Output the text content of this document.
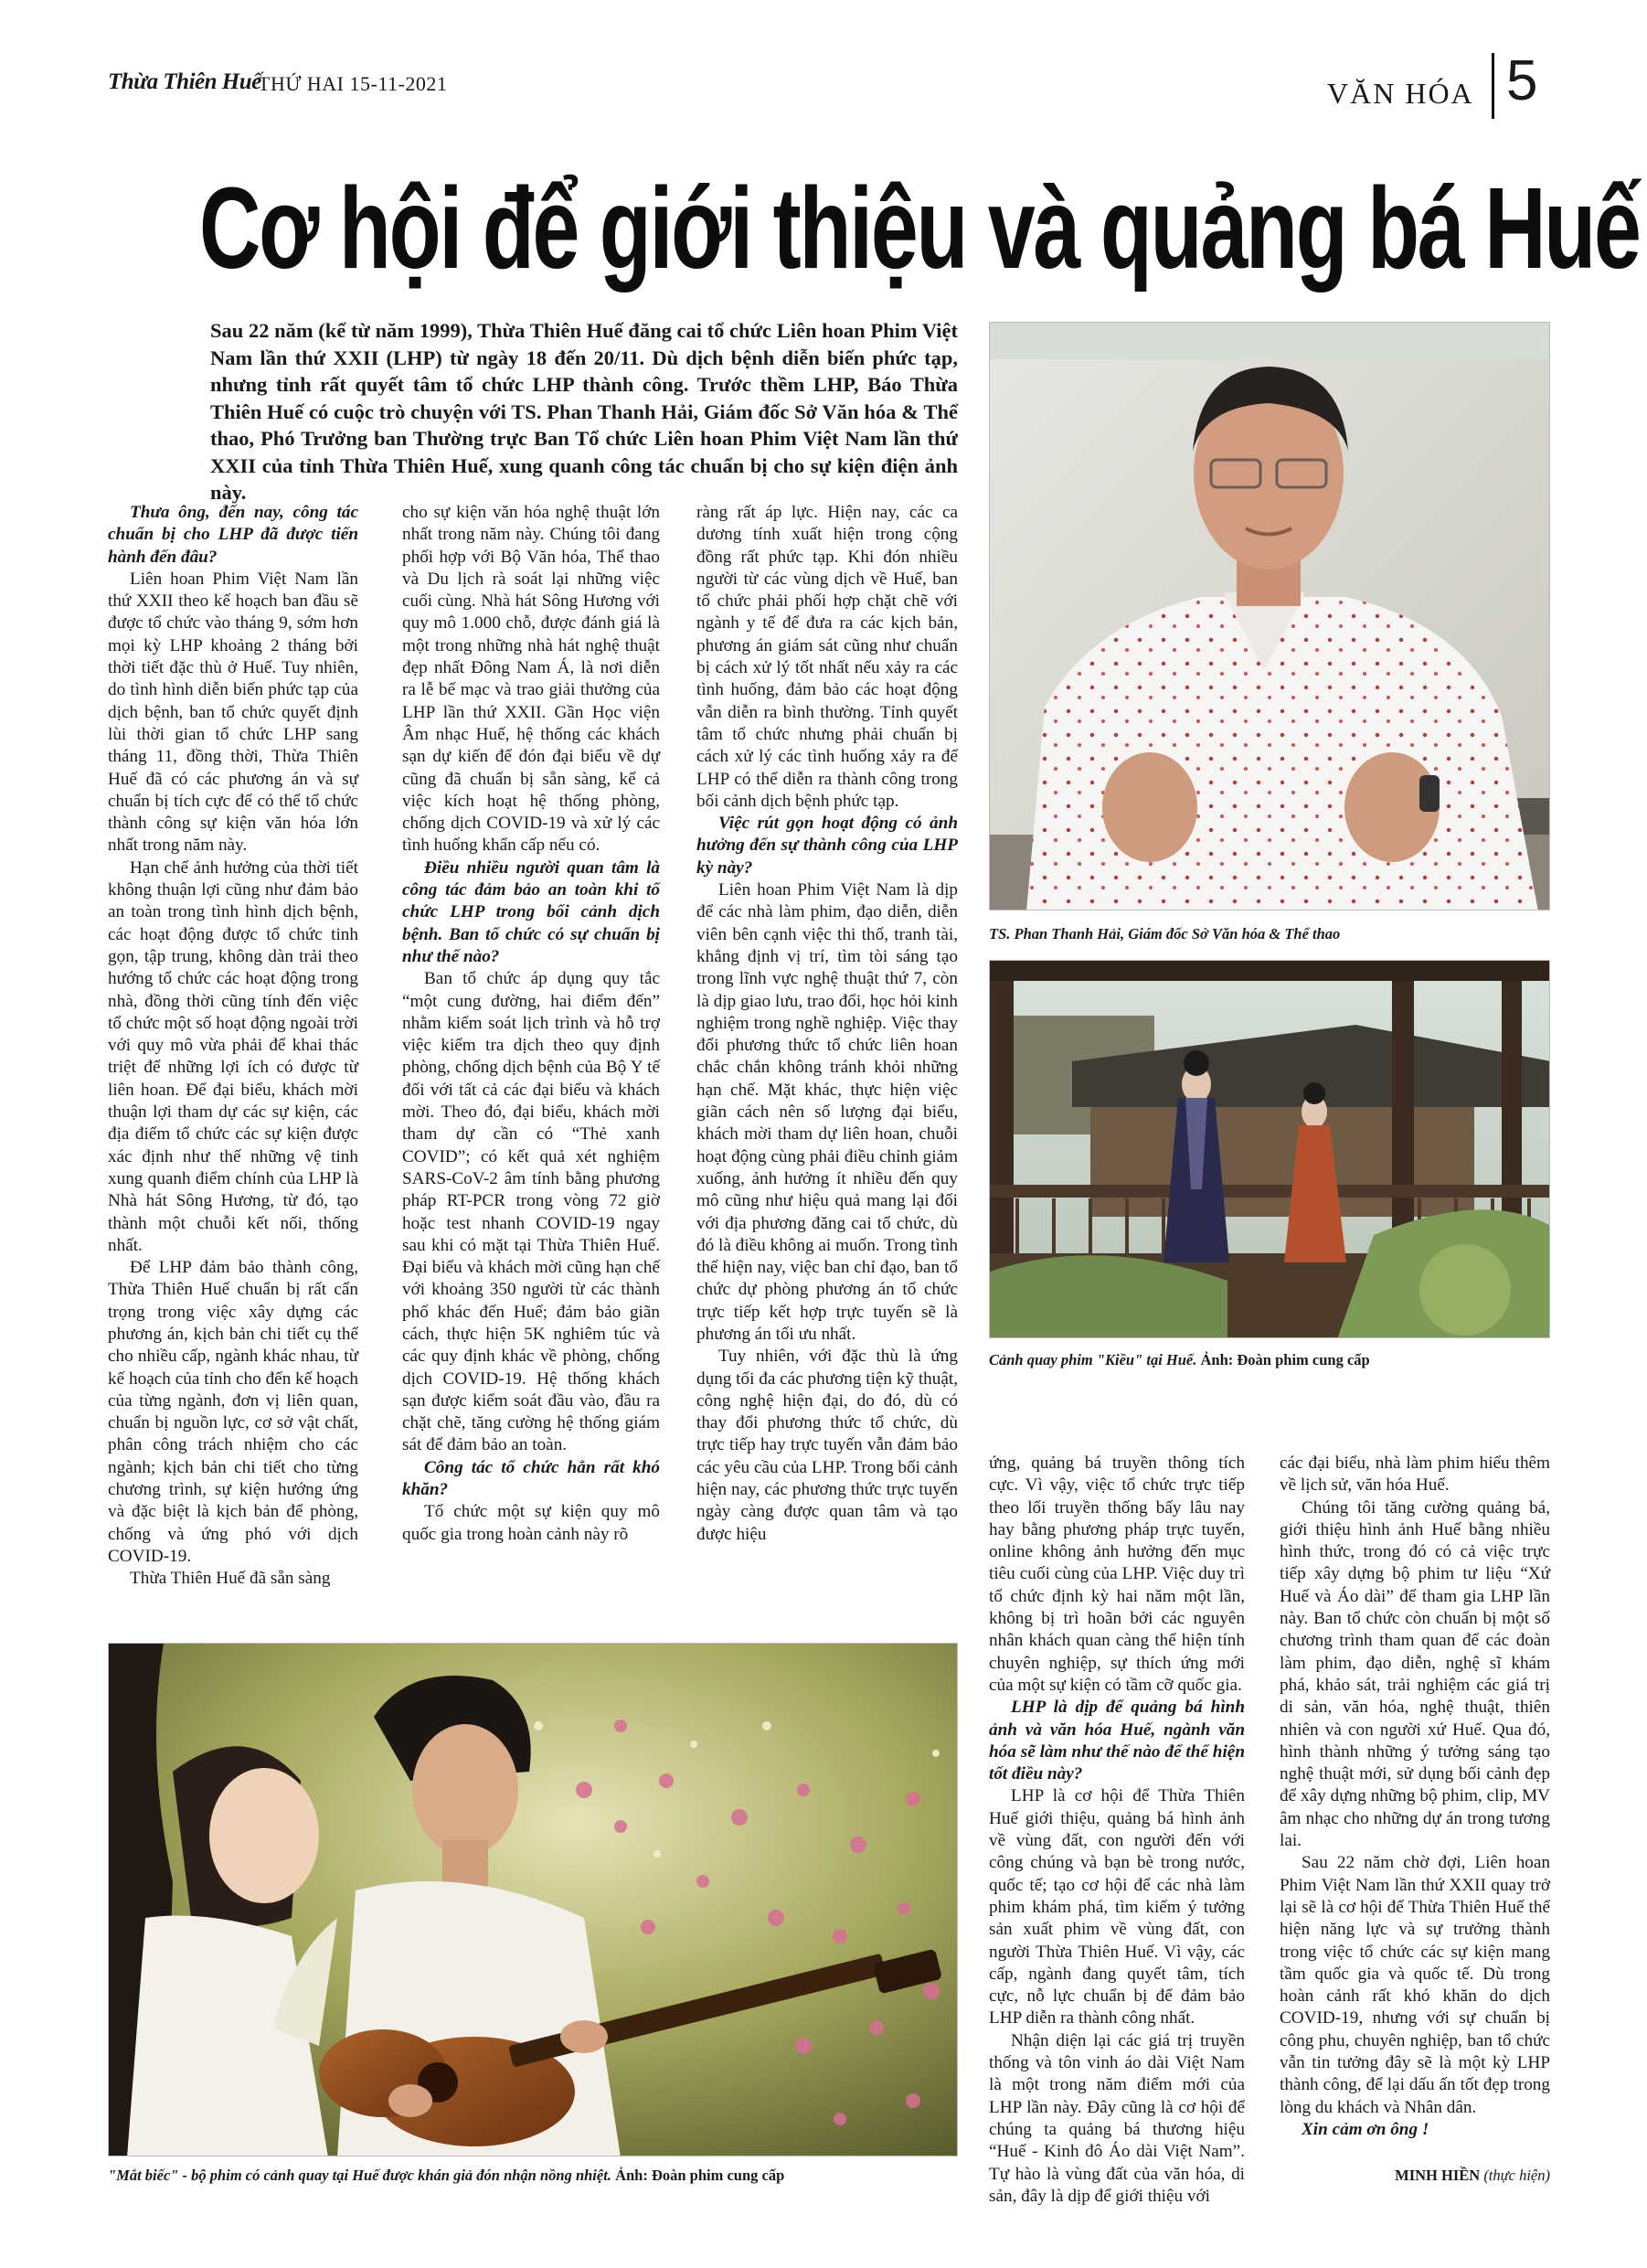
Thừa Thiên Huế
THỨ HAI 15-11-2021	VĂN HÓA 5
Cơ hội để giới thiệu và quảng bá Huế
Sau 22 năm (kể từ năm 1999), Thừa Thiên Huế đăng cai tổ chức Liên hoan Phim Việt Nam lần thứ XXII (LHP) từ ngày 18 đến 20/11. Dù dịch bệnh diễn biến phức tạp, nhưng tỉnh rất quyết tâm tổ chức LHP thành công. Trước thềm LHP, Báo Thừa Thiên Huế có cuộc trò chuyện với TS. Phan Thanh Hải, Giám đốc Sở Văn hóa & Thể thao, Phó Trưởng ban Thường trực Ban Tổ chức Liên hoan Phim Việt Nam lần thứ XXII của tỉnh Thừa Thiên Huế, xung quanh công tác chuẩn bị cho sự kiện điện ảnh này.

Thưa ông, đến nay, công tác chuẩn bị cho LHP đã được tiến hành đến đâu?

Liên hoan Phim Việt Nam lần thứ XXII theo kế hoạch ban đầu sẽ được tổ chức vào tháng 9, sớm hơn mọi kỳ LHP khoảng 2 tháng bởi thời tiết đặc thù ở Huế. Tuy nhiên, do tình hình diễn biến phức tạp của dịch bệnh, ban tổ chức quyết định lùi thời gian tổ chức LHP sang tháng 11, đồng thời, Thừa Thiên Huế đã có các phương án và sự chuẩn bị tích cực để có thể tổ chức thành công sự kiện văn hóa lớn nhất trong năm này.

Hạn chế ảnh hưởng của thời tiết không thuận lợi cũng như đảm bảo an toàn trong tình hình dịch bệnh, các hoạt động được tổ chức tinh gọn, tập trung, không dàn trải theo hướng tổ chức các hoạt động trong nhà, đồng thời cũng tính đến việc tổ chức một số hoạt động ngoài trời với quy mô vừa phải để khai thác triệt để những lợi ích có được từ liên hoan. Để đại biểu, khách mời thuận lợi tham dự các sự kiện, các địa điểm tổ chức các sự kiện được xác định như thế những vệ tinh xung quanh điểm chính của LHP là Nhà hát Sông Hương, từ đó, tạo thành một chuỗi kết nối, thống nhất.

Để LHP đảm bảo thành công, Thừa Thiên Huế chuẩn bị rất cẩn trọng trong việc xây dựng các phương án, kịch bản chi tiết cụ thể cho nhiều cấp, ngành khác nhau, từ kế hoạch của tỉnh cho đến kế hoạch của từng ngành, đơn vị liên quan, chuẩn bị nguồn lực, cơ sở vật chất, phân công trách nhiệm cho các ngành; kịch bản chi tiết cho từng chương trình, sự kiện hướng ứng và đặc biệt là kịch bản để phòng, chống và ứng phó với dịch COVID-19.

Thừa Thiên Huế đã sẵn sàng

cho sự kiện văn hóa nghệ thuật lớn nhất trong năm này. Chúng tôi đang phối hợp với Bộ Văn hóa, Thể thao và Du lịch rà soát lại những việc cuối cùng. Nhà hát Sông Hương với quy mô 1.000 chỗ, được đánh giá là một trong những nhà hát nghệ thuật đẹp nhất Đông Nam Á, là nơi diễn ra lễ bế mạc và trao giải thưởng của LHP lần thứ XXII. Gần Học viện Âm nhạc Huế, hệ thống các khách sạn dự kiến để đón đại biểu về dự cũng đã chuẩn bị sẵn sàng, kể cả việc kích hoạt hệ thống phòng, chống dịch COVID-19 và xử lý các tình huống khẩn cấp nếu có.

Điều nhiều người quan tâm là công tác đảm bảo an toàn khi tổ chức LHP trong bối cảnh dịch bệnh. Ban tổ chức có sự chuẩn bị như thế nào?

Ban tổ chức áp dụng quy tắc “một cung đường, hai điểm đến” nhằm kiểm soát lịch trình và hỗ trợ việc kiểm tra dịch theo quy định phòng, chống dịch bệnh của Bộ Y tế đối với tất cả các đại biểu và khách mời. Theo đó, đại biểu, khách mời tham dự cần có “Thẻ xanh COVID”; có kết quả xét nghiệm SARS-CoV-2 âm tính bằng phương pháp RT-PCR trong vòng 72 giờ hoặc test nhanh COVID-19 ngay sau khi có mặt tại Thừa Thiên Huế. Đại biểu và khách mời cũng hạn chế với khoảng 350 người từ các thành phố khác đến Huế; đảm bảo giãn cách, thực hiện 5K nghiêm túc và các quy định khác về phòng, chống dịch COVID-19. Hệ thống khách sạn được kiểm soát đầu vào, đầu ra chặt chẽ, tăng cường hệ thống giám sát để đảm bảo an toàn.

Công tác tổ chức hẳn rất khó khăn?

Tổ chức một sự kiện quy mô quốc gia trong hoàn cảnh này rõ

ràng rất áp lực. Hiện nay, các ca dương tính xuất hiện trong cộng đồng rất phức tạp. Khi đón nhiều người từ các vùng dịch về Huế, ban tổ chức phải phối hợp chặt chẽ với ngành y tế để đưa ra các kịch bản, phương án giám sát cũng như chuẩn bị cách xử lý tốt nhất nếu xảy ra các tình huống, đảm bảo các hoạt động vẫn diễn ra bình thường. Tỉnh quyết tâm tổ chức nhưng phải chuẩn bị cách xử lý các tình huống xảy ra để LHP có thể diễn ra thành công trong bối cảnh dịch bệnh phức tạp.

Việc rút gọn hoạt động có ảnh hưởng đến sự thành công của LHP kỳ này?

Liên hoan Phim Việt Nam là dịp để các nhà làm phim, đạo diễn, diễn viên bên cạnh việc thi thố, tranh tài, khẳng định vị trí, tìm tòi sáng tạo trong lĩnh vực nghệ thuật thứ 7, còn là dịp giao lưu, trao đổi, học hỏi kinh nghiệm trong nghề nghiệp. Việc thay đổi phương thức tổ chức liên hoan chắc chắn không tránh khỏi những hạn chế. Mặt khác, thực hiện việc giãn cách nên số lượng đại biểu, khách mời tham dự liên hoan, chuỗi hoạt động cùng phải điều chỉnh giảm xuống, ảnh hưởng ít nhiều đến quy mô cũng như hiệu quả mang lại đối với địa phương đăng cai tổ chức, dù đó là điều không ai muốn. Trong tình thế hiện nay, việc ban chỉ đạo, ban tổ chức dự phòng phương án tổ chức trực tiếp kết hợp trực tuyến sẽ là phương án tối ưu nhất.

Tuy nhiên, với đặc thù là ứng dụng tối đa các phương tiện kỹ thuật, công nghệ hiện đại, do đó, dù có thay đổi phương thức tổ chức, dù trực tiếp hay trực tuyến vẫn đảm bảo các yêu cầu của LHP. Trong bối cảnh hiện nay, các phương thức trực tuyến ngày càng được quan tâm và tạo được hiệu

ứng, quảng bá truyền thông tích cực. Vì vậy, việc tổ chức trực tiếp theo lối truyền thống bấy lâu nay hay bằng phương pháp trực tuyến, online không ảnh hưởng đến mục tiêu cuối cùng của LHP. Việc duy trì tổ chức định kỳ hai năm một lần, không bị trì hoãn bởi các nguyên nhân khách quan càng thể hiện tính chuyên nghiệp, sự thích ứng mới của một sự kiện có tầm cỡ quốc gia.

LHP là dịp để quảng bá hình ảnh và văn hóa Huế, ngành văn hóa sẽ làm như thế nào để thể hiện tốt điều này?

LHP là cơ hội để Thừa Thiên Huế giới thiệu, quảng bá hình ảnh về vùng đất, con người đến với công chúng và bạn bè trong nước, quốc tế; tạo cơ hội để các nhà làm phim khám phá, tìm kiếm ý tưởng sản xuất phim về vùng đất, con người Thừa Thiên Huế. Vì vậy, các cấp, ngành đang quyết tâm, tích cực, nỗ lực chuẩn bị để đảm bảo LHP diễn ra thành công nhất.

Nhận diện lại các giá trị truyền thống và tôn vinh áo dài Việt Nam là một trong năm điểm mới của LHP lần này. Đây cũng là cơ hội để chúng ta quảng bá thương hiệu “Huế - Kinh đô Áo dài Việt Nam”. Tự hào là vùng đất của văn hóa, di sản, đây là dịp để giới thiệu với

các đại biểu, nhà làm phim hiểu thêm về lịch sử, văn hóa Huế.

Chúng tôi tăng cường quảng bá, giới thiệu hình ảnh Huế bằng nhiều hình thức, trong đó có cả việc trực tiếp xây dựng bộ phim tư liệu “Xứ Huế và Áo dài” để tham gia LHP lần này. Ban tổ chức còn chuẩn bị một số chương trình tham quan để các đoàn làm phim, đạo diễn, nghệ sĩ khám phá, khảo sát, trải nghiệm các giá trị di sản, văn hóa, nghệ thuật, thiên nhiên và con người xứ Huế. Qua đó, hình thành những ý tưởng sáng tạo nghệ thuật mới, sử dụng bối cảnh đẹp để xây dựng những bộ phim, clip, MV âm nhạc cho những dự án trong tương lai.

Sau 22 năm chờ đợi, Liên hoan Phim Việt Nam lần thứ XXII quay trở lại sẽ là cơ hội để Thừa Thiên Huế thể hiện năng lực và sự trưởng thành trong việc tổ chức các sự kiện mang tầm quốc gia và quốc tế. Dù trong hoàn cảnh rất khó khăn do dịch COVID-19, nhưng với sự chuẩn bị công phu, chuyên nghiệp, ban tổ chức vẫn tin tưởng đây sẽ là một kỳ LHP thành công, để lại dấu ấn tốt đẹp trong lòng du khách và Nhân dân.

Xin cảm ơn ông !

TS. Phan Thanh Hải, Giám đốc Sở Văn hóa & Thể thao
Cảnh quay phim "Kiều" tại Huế. Ảnh: Đoàn phim cung cấp
"Mắt biếc" - bộ phim có cảnh quay tại Huế được khán giả đón nhận nồng nhiệt. Ảnh: Đoàn phim cung cấp	MINH HIỀN (thực hiện)
